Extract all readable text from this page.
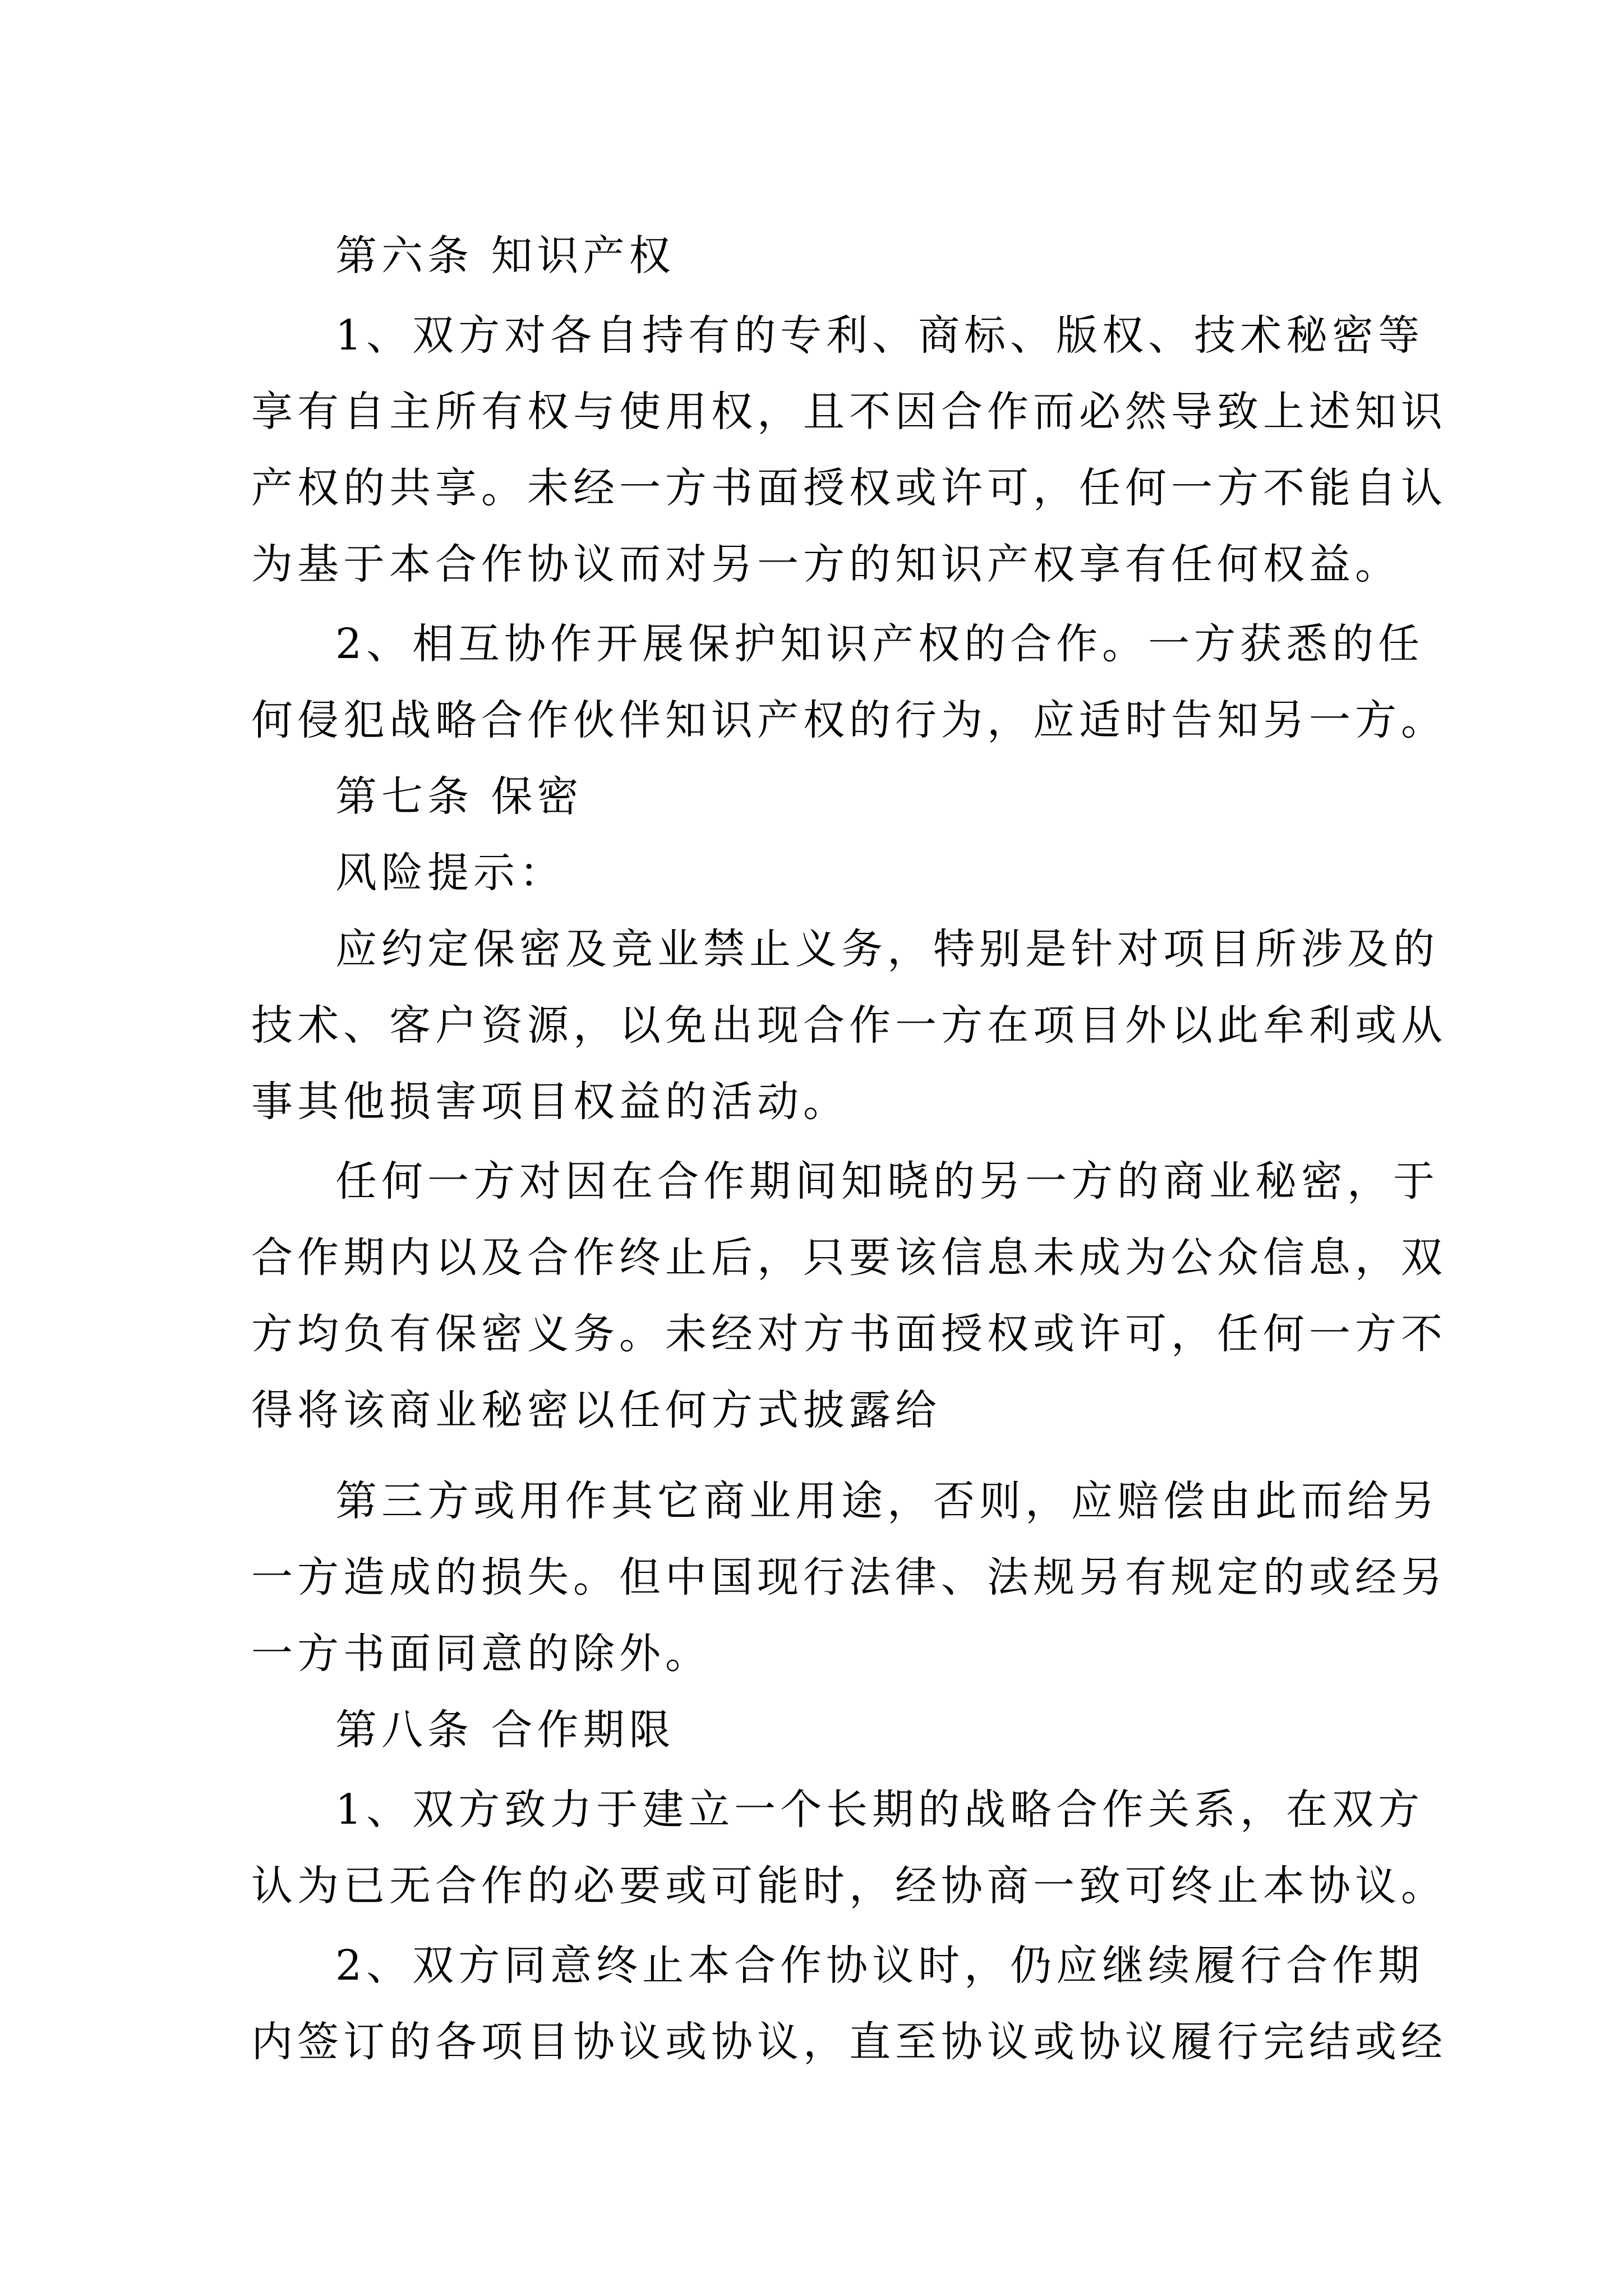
第六条 知识产权
1、双方对各自持有的专利、商标、版权、技术秘密等
享有自主所有权与使用权，且不因合作而必然导致上述知识
产权的共享。未经一方书面授权或许可，任何一方不能自认
为基于本合作协议而对另一方的知识产权享有任何权益。
2、相互协作开展保护知识产权的合作。一方获悉的任
何侵犯战略合作伙伴知识产权的行为，应适时告知另一方。
第七条 保密
风险提示：
应约定保密及竞业禁止义务，特别是针对项目所涉及的
技术、客户资源，以免出现合作一方在项目外以此牟利或从
事其他损害项目权益的活动。
任何一方对因在合作期间知晓的另一方的商业秘密，于
合作期内以及合作终止后，只要该信息未成为公众信息，双
方均负有保密义务。未经对方书面授权或许可，任何一方不
得将该商业秘密以任何方式披露给
第三方或用作其它商业用途，否则，应赔偿由此而给另
一方造成的损失。但中国现行法律、法规另有规定的或经另
一方书面同意的除外。
第八条 合作期限
1、双方致力于建立一个长期的战略合作关系，在双方
认为已无合作的必要或可能时，经协商一致可终止本协议。
2、双方同意终止本合作协议时，仍应继续履行合作期
内签订的各项目协议或协议，直至协议或协议履行完结或经
